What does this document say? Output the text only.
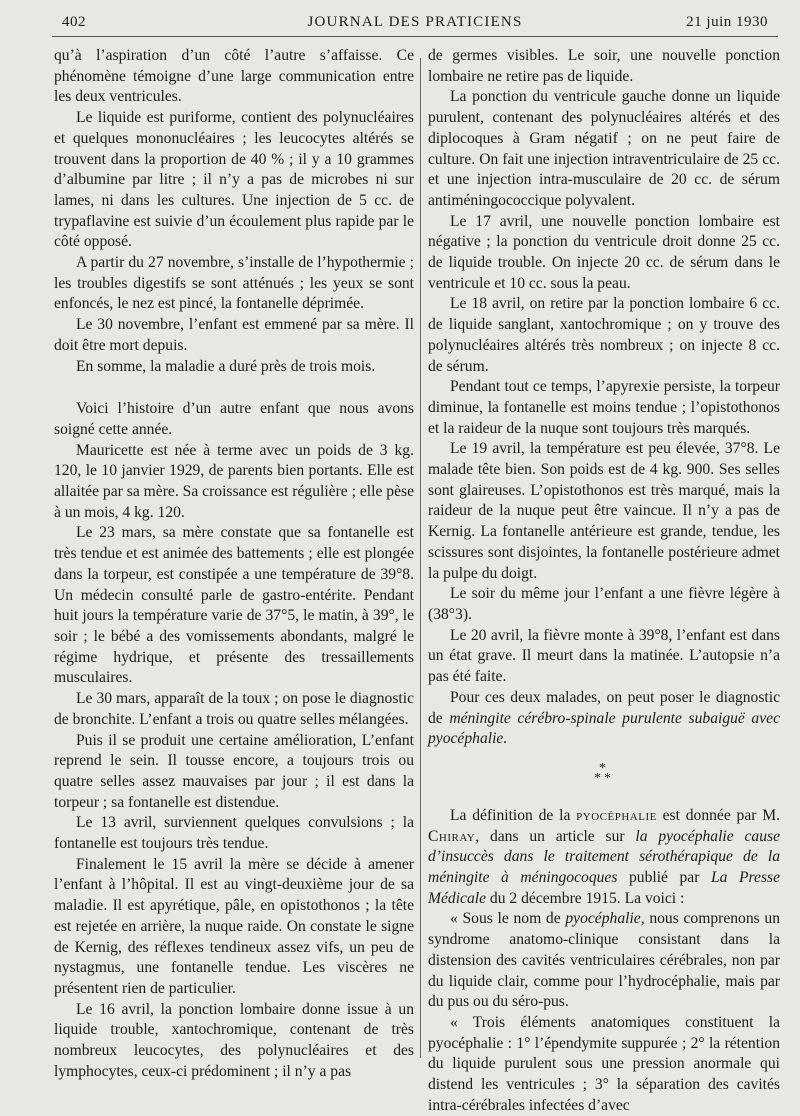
402	JOURNAL DES PRATICIENS	21 juin 1930

qu’à l’aspiration d’un côté l’autre s’affaisse. Ce phénomène témoigne d’une large communication entre les deux ventricules.

Le liquide est puriforme, contient des polynucléaires et quelques mononucléaires ; les leucocytes altérés se trouvent dans la proportion de 40 % ; il y a 10 grammes d’albumine par litre ; il n’y a pas de microbes ni sur lames, ni dans les cultures. Une injection de 5 cc. de trypaflavine est suivie d’un écoulement plus rapide par le côté opposé.

A partir du 27 novembre, s’installe de l’hypothermie ; les troubles digestifs se sont atténués ; les yeux se sont enfoncés, le nez est pincé, la fontanelle déprimée.

Le 30 novembre, l’enfant est emmené par sa mère. Il doit être mort depuis.

En somme, la maladie a duré près de trois mois.

Voici l’histoire d’un autre enfant que nous avons soigné cette année.

Mauricette est née à terme avec un poids de 3 kg. 120, le 10 janvier 1929, de parents bien portants. Elle est allaitée par sa mère. Sa croissance est régulière ; elle pèse à un mois, 4 kg. 120.

Le 23 mars, sa mère constate que sa fontanelle est très tendue et est animée des battements ; elle est plongée dans la torpeur, est constipée a une température de 39°8. Un médecin consulté parle de gastro-entérite. Pendant huit jours la température varie de 37°5, le matin, à 39°, le soir ; le bébé a des vomissements abondants, malgré le régime hydrique, et présente des tressaillements musculaires.

Le 30 mars, apparaît de la toux ; on pose le diagnostic de bronchite. L’enfant a trois ou quatre selles mélangées.

Puis il se produit une certaine amélioration, L’enfant reprend le sein. Il tousse encore, a toujours trois ou quatre selles assez mauvaises par jour ; il est dans la torpeur ; sa fontanelle est distendue.

Le 13 avril, surviennent quelques convulsions ; la fontanelle est toujours très tendue.

Finalement le 15 avril la mère se décide à amener l’enfant à l’hôpital. Il est au vingt-deuxième jour de sa maladie. Il est apyrétique, pâle, en opistothonos ; la tête est rejetée en arrière, la nuque raide. On constate le signe de Kernig, des réflexes tendineux assez vifs, un peu de nystagmus, une fontanelle tendue. Les viscères ne présentent rien de particulier.

Le 16 avril, la ponction lombaire donne issue à un liquide trouble, xantochromique, contenant de très nombreux leucocytes, des polynucléaires et des lymphocytes, ceux-ci prédominent ; il n’y a pas

de germes visibles. Le soir, une nouvelle ponction lombaire ne retire pas de liquide.

La ponction du ventricule gauche donne un liquide purulent, contenant des polynucléaires altérés et des diplocoques à Gram négatif ; on ne peut faire de culture. On fait une injection intraventriculaire de 25 cc. et une injection intra-musculaire de 20 cc. de sérum antiméningococcique polyvalent.

Le 17 avril, une nouvelle ponction lombaire est négative ; la ponction du ventricule droit donne 25 cc. de liquide trouble. On injecte 20 cc. de sérum dans le ventricule et 10 cc. sous la peau.

Le 18 avril, on retire par la ponction lombaire 6 cc. de liquide sanglant, xantochromique ; on y trouve des polynucléaires altérés très nombreux ; on injecte 8 cc. de sérum.

Pendant tout ce temps, l’apyrexie persiste, la torpeur diminue, la fontanelle est moins tendue ; l’opistothonos et la raideur de la nuque sont toujours très marqués.

Le 19 avril, la température est peu élevée, 37°8. Le malade tête bien. Son poids est de 4 kg. 900. Ses selles sont glaireuses. L’opistothonos est très marqué, mais la raideur de la nuque peut être vaincue. Il n’y a pas de Kernig. La fontanelle antérieure est grande, tendue, les scissures sont disjointes, la fontanelle postérieure admet la pulpe du doigt.

Le soir du même jour l’enfant a une fièvre légère à (38°3).

Le 20 avril, la fièvre monte à 39°8, l’enfant est dans un état grave. Il meurt dans la matinée. L’autopsie n’a pas été faite.

Pour ces deux malades, on peut poser le diagnostic de méningite cérébro-spinale purulente subaiguë avec pyocéphalie.

*
**

La définition de la pyocéphalie est donnée par M. Chiray, dans un article sur la pyocéphalie cause d’insuccès dans le traitement sérothérapique de la méningite à méningocoques publié par La Presse Médicale du 2 décembre 1915. La voici :

« Sous le nom de pyocéphalie, nous comprenons un syndrome anatomo-clinique consistant dans la distension des cavités ventriculaires cérébrales, non par du liquide clair, comme pour l’hydrocéphalie, mais par du pus ou du séro-pus.

« Trois éléments anatomiques constituent la pyocéphalie : 1° l’épendymite suppurée ; 2° la rétention du liquide purulent sous une pression anormale qui distend les ventricules ; 3° la séparation des cavités intra-cérébrales infectées d’avec
